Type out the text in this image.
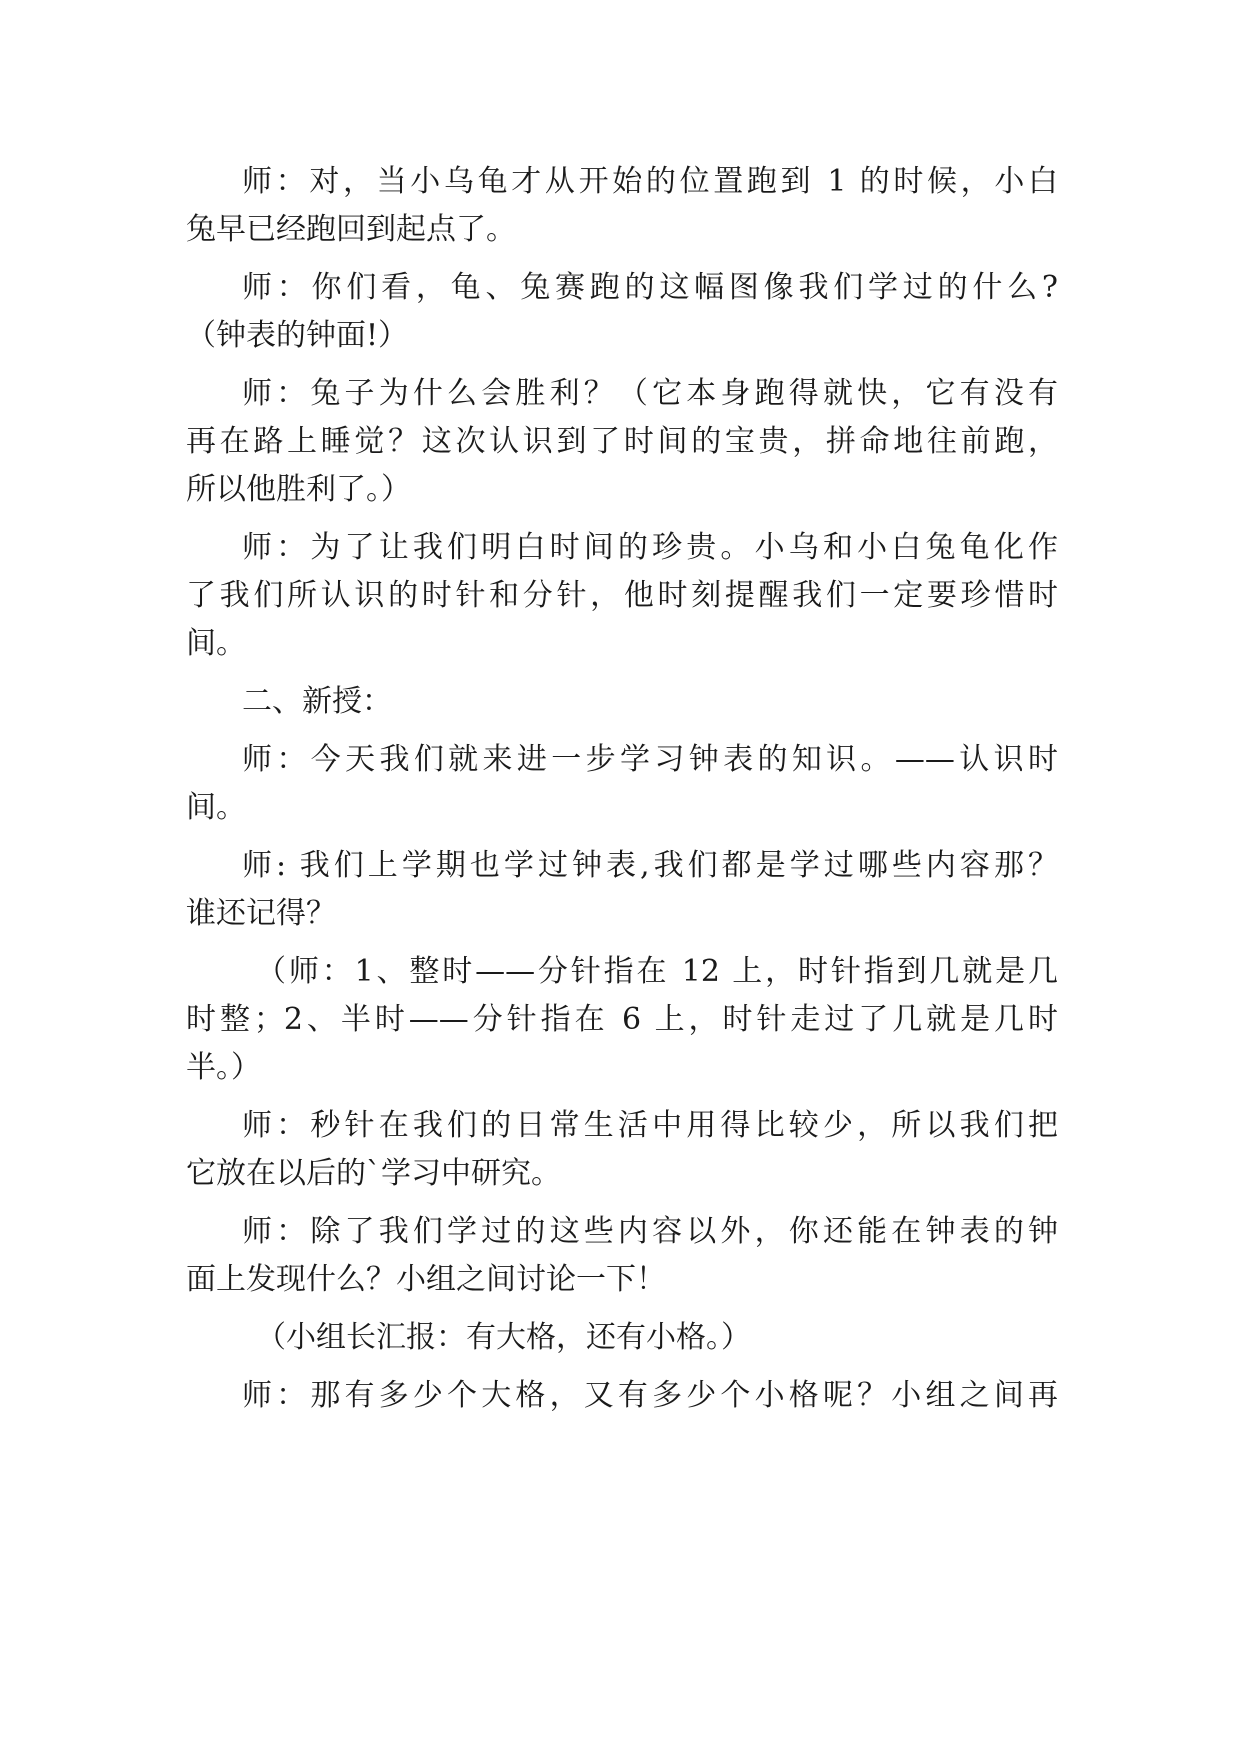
师：对，当小乌龟才从开始的位置跑到 1 的时候，小白
兔早已经跑回到起点了。
师：你们看，龟、兔赛跑的这幅图像我们学过的什么?
（钟表的钟面!）
师：兔子为什么会胜利？（它本身跑得就快，它有没有
再在路上睡觉？这次认识到了时间的宝贵，拼命地往前跑，
所以他胜利了。）
师：为了让我们明白时间的珍贵。小乌和小白兔龟化作
了我们所认识的时针和分针，他时刻提醒我们一定要珍惜时
间。
二、新授：
师：今天我们就来进一步学习钟表的知识。——认识时
间。
师: 我们上学期也学过钟表,我们都是学过哪些内容那？
谁还记得？
（师：1、整时——分针指在 12 上，时针指到几就是几
时整；2、半时——分针指在 6 上，时针走过了几就是几时
半。）
师：秒针在我们的日常生活中用得比较少，所以我们把
它放在以后的`学习中研究。
师：除了我们学过的这些内容以外，你还能在钟表的钟
面上发现什么？小组之间讨论一下！
（小组长汇报：有大格，还有小格。）
师：那有多少个大格，又有多少个小格呢？小组之间再
